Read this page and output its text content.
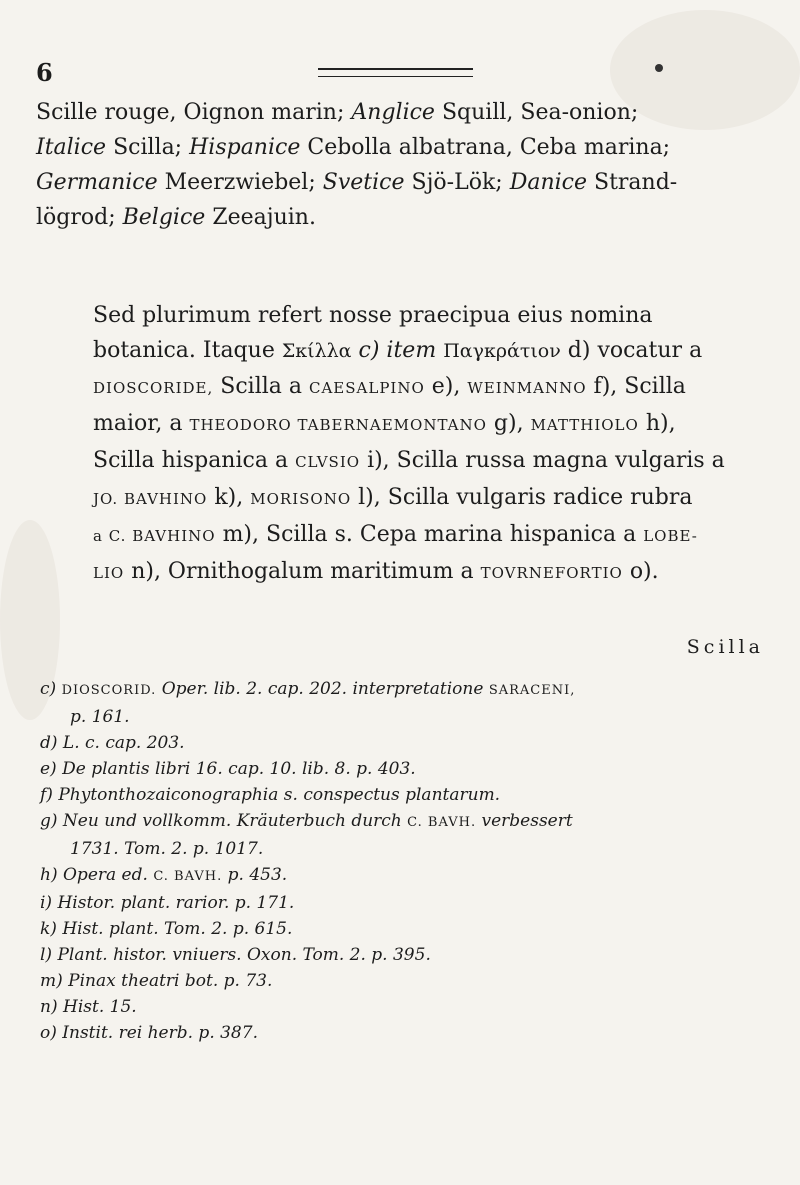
6
Scille rouge, Oignon marin; Anglice Squill, Sea-onion;
Italice Scilla; Hispanice Cebolla albatrana, Ceba marina;
Germanice Meerzwiebel; Svetice Sjö-Lök; Danice Strand-
lögrod; Belgice Zeeajuin.
Sed plurimum refert nosse praecipua eius nomina
botanica. Itaque Σκίλλα c) item Παγκράτιον d) vocatur a
DIOSCORIDE, Scilla a CAESALPINO e), WEINMANNO f), Scilla
maior, a THEODORO TABERNAEMONTANO g), MATTHIOLO h),
Scilla hispanica a CLVSIO i), Scilla russa magna vulgaris a
JO. BAVHINO k), MORISONO l), Scilla vulgaris radice rubra
a C. BAVHINO m), Scilla s. Cepa marina hispanica a LOBE-
LIO n), Ornithogalum maritimum a TOVRNEFORTIO o).
Scilla
c) DIOSCORID. Oper. lib. 2. cap. 202. interpretatione SARACENI,
p. 161.
d) L. c. cap. 203.
e) De plantis libri 16. cap. 10. lib. 8. p. 403.
f) Phytonthozaiconographia s. conspectus plantarum.
g) Neu und vollkomm. Kräuterbuch durch C. BAVH. verbessert
1731. Tom. 2. p. 1017.
h) Opera ed. C. BAVH. p. 453.
i) Histor. plant. rarior. p. 171.
k) Hist. plant. Tom. 2. p. 615.
l) Plant. histor. vniuers. Oxon. Tom. 2. p. 395.
m) Pinax theatri bot. p. 73.
n) Hist. 15.
o) Instit. rei herb. p. 387.
